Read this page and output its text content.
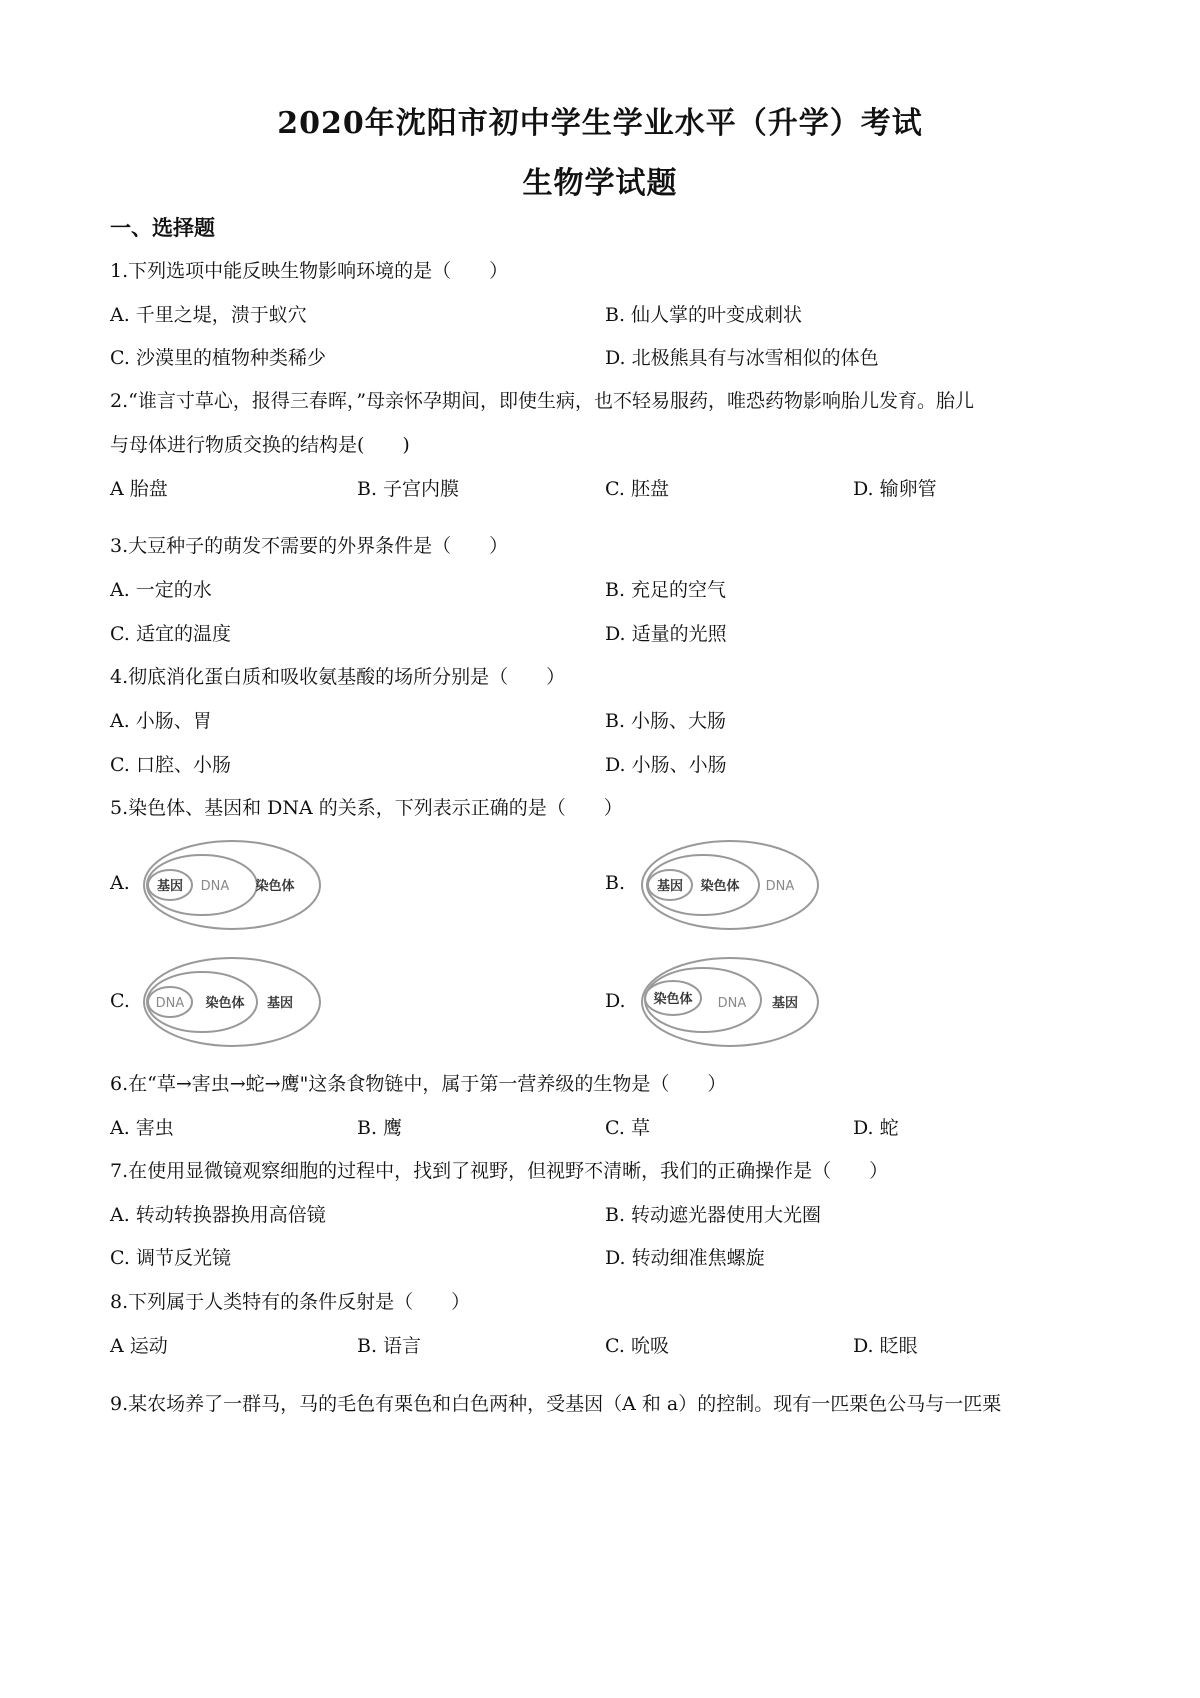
2020年沈阳市初中学生学业水平（升学）考试
生物学试题
一、选择题
1.下列选项中能反映生物影响环境的是（　　）
A. 千里之堤，溃于蚁穴	B. 仙人掌的叶变成刺状
C. 沙漠里的植物种类稀少	D. 北极熊具有与冰雪相似的体色
2.“谁言寸草心，报得三春晖，”母亲怀孕期间，即使生病，也不轻易服药，唯恐药物影响胎儿发育。胎儿
与母体进行物质交换的结构是(　　)
A 胎盘	B. 子宫内膜	C. 胚盘	D. 输卵管
3.大豆种子的萌发不需要的外界条件是（　　）
A. 一定的水	B. 充足的空气
C. 适宜的温度	D. 适量的光照
4.彻底消化蛋白质和吸收氨基酸的场所分别是（　　）
A. 小肠、胃	B. 小肠、大肠
C. 口腔、小肠	D. 小肠、小肠
5.染色体、基因和 DNA 的关系，下列表示正确的是（　　）
A. 基因 DNA 染色体	B. 基因 染色体 DNA
C. DNA 染色体 基因	D. 染色体 DNA 基因
6.在“草→害虫→蛇→鹰"这条食物链中，属于第一营养级的生物是（　　）
A. 害虫	B. 鹰	C. 草	D. 蛇
7.在使用显微镜观察细胞的过程中，找到了视野，但视野不清晰，我们的正确操作是（　　）
A. 转动转换器换用高倍镜	B. 转动遮光器使用大光圈
C. 调节反光镜	D. 转动细准焦螺旋
8.下列属于人类特有的条件反射是（　　）
A 运动	B. 语言	C. 吮吸	D. 眨眼
9.某农场养了一群马，马的毛色有栗色和白色两种，受基因（A 和 a）的控制。现有一匹栗色公马与一匹栗
